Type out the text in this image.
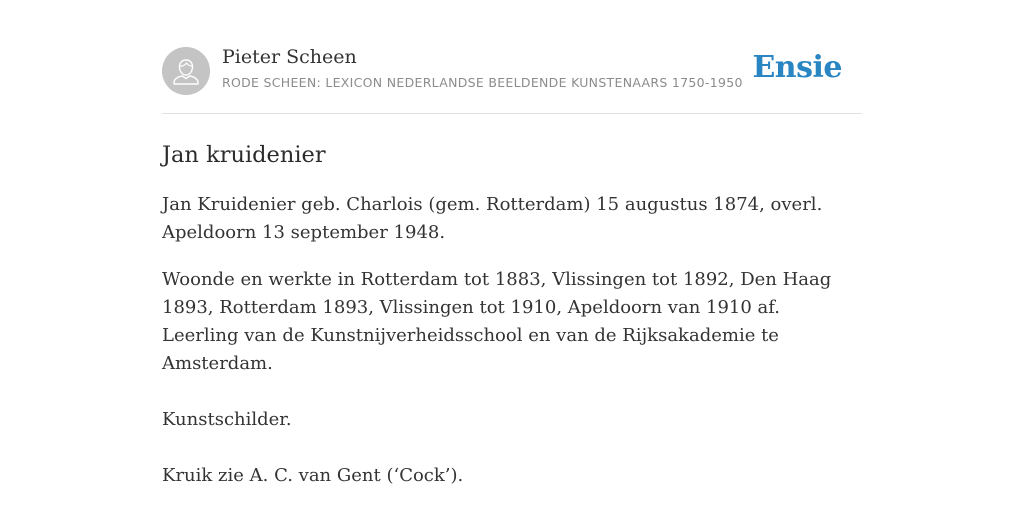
Pieter Scheen
RODE SCHEEN: LEXICON NEDERLANDSE BEELDENDE KUNSTENAARS 1750-1950 Ensie
Jan kruidenier

Jan Kruidenier geb. Charlois (gem. Rotterdam) 15 augustus 1874, overl. Apeldoorn 13 september 1948.

Woonde en werkte in Rotterdam tot 1883, Vlissingen tot 1892, Den Haag 1893, Rotterdam 1893, Vlissingen tot 1910, Apeldoorn van 1910 af. Leerling van de Kunstnijverheidsschool en van de Rijksakademie te Amsterdam.

Kunstschilder.

Kruik zie A. C. van Gent (‘Cock’).
